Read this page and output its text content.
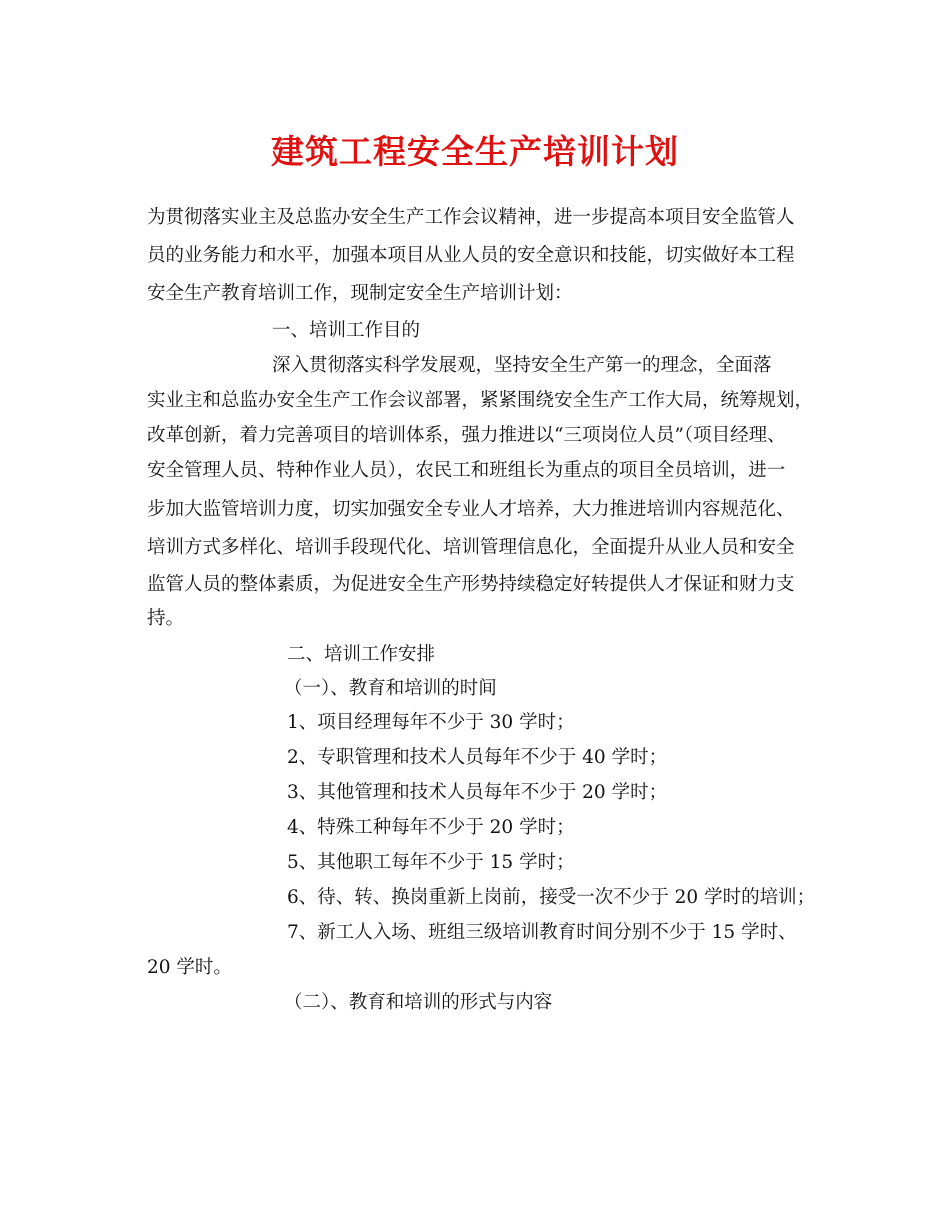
建筑工程安全生产培训计划
为贯彻落实业主及总监办安全生产工作会议精神，进一步提高本项目安全监管人
员的业务能力和水平，加强本项目从业人员的安全意识和技能，切实做好本工程
安全生产教育培训工作，现制定安全生产培训计划：
一、培训工作目的
深入贯彻落实科学发展观，坚持安全生产第一的理念，全面落
实业主和总监办安全生产工作会议部署，紧紧围绕安全生产工作大局，统筹规划，
改革创新，着力完善项目的培训体系，强力推进以“三项岗位人员”（项目经理、
安全管理人员、特种作业人员），农民工和班组长为重点的项目全员培训，进一
步加大监管培训力度，切实加强安全专业人才培养，大力推进培训内容规范化、
培训方式多样化、培训手段现代化、培训管理信息化，全面提升从业人员和安全
监管人员的整体素质，为促进安全生产形势持续稳定好转提供人才保证和财力支
持。
二、培训工作安排
（一）、教育和培训的时间
1、项目经理每年不少于 30 学时；
2、专职管理和技术人员每年不少于 40 学时；
3、其他管理和技术人员每年不少于 20 学时；
4、特殊工种每年不少于 20 学时；
5、其他职工每年不少于 15 学时；
6、待、转、换岗重新上岗前，接受一次不少于 20 学时的培训；
7、新工人入场、班组三级培训教育时间分别不少于 15 学时、
20 学时。
（二）、教育和培训的形式与内容
